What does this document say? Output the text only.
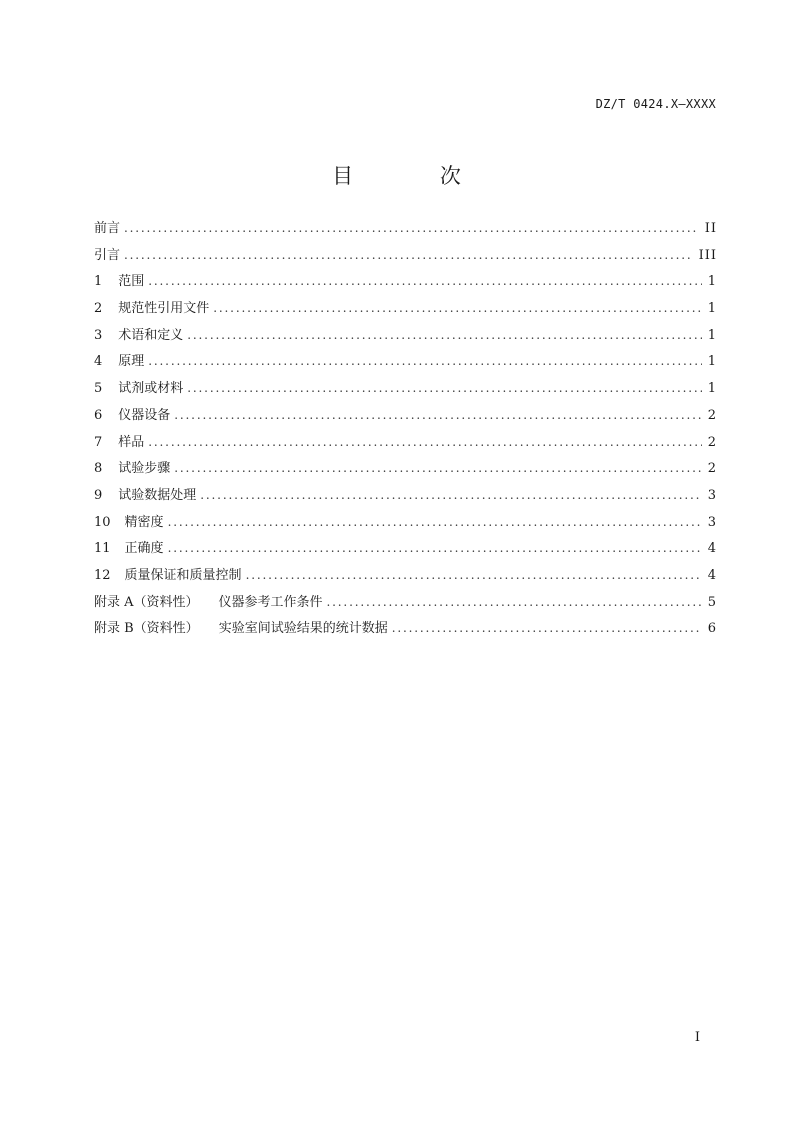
DZ/T 0424.X—XXXX
目 次
前言 . . .	II
引言 . . .	III
1 范围 . . .	1
2 规范性引用文件 . . .	1
3 术语和定义 . . .	1
4 原理 . . .	1
5 试剂或材料 . . .	1
6 仪器设备 . . .	2
7 样品 . . .	2
8 试验步骤 . . .	2
9 试验数据处理 . . .	3
10 精密度 . . .	3
11 正确度 . . .	4
12 质量保证和质量控制 . . .	4
附录 A（资料性） 仪器参考工作条件 . . .	5
附录 B（资料性） 实验室间试验结果的统计数据 . . .	6
I
